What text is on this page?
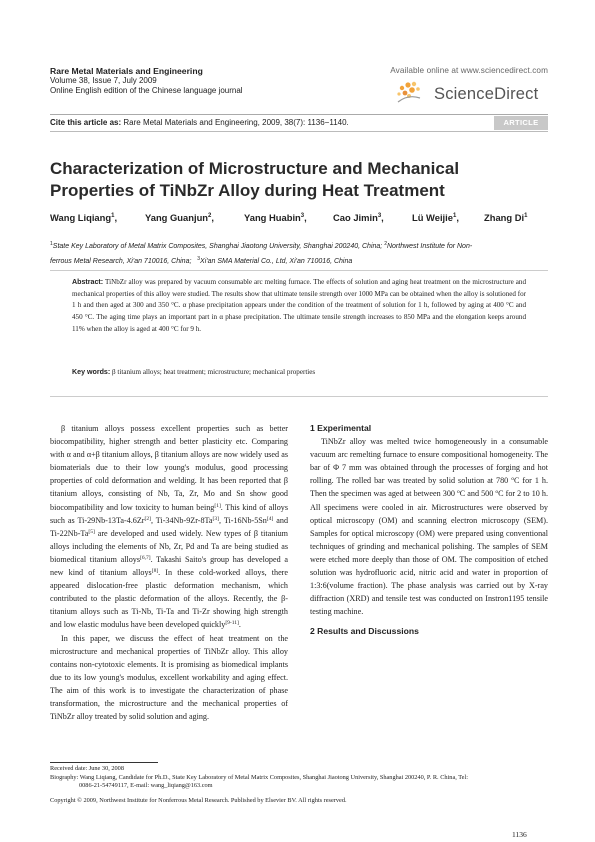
Rare Metal Materials and Engineering
Volume 38, Issue 7, July 2009
Online English edition of the Chinese language journal
Available online at www.sciencedirect.com
ScienceDirect
Cite this article as: Rare Metal Materials and Engineering, 2009, 38(7): 1136−1140.	ARTICLE
Characterization of Microstructure and Mechanical
Properties of TiNbZr Alloy during Heat Treatment
Wang Liqiang$^1$,	Yang Guanjun$^2$,	Yang Huabin$^3$,	Cao Jimin$^3$,	Lü Weijie$^1$,	Zhang Di$^1$
$^1$State Key Laboratory of Metal Matrix Composites, Shanghai Jiaotong University, Shanghai 200240, China; $^2$Northwest Institute for Non-
ferrous Metal Research, Xi'an 710016, China; $^3$Xi'an SMA Material Co., Ltd, Xi'an 710016, China
Abstract: TiNbZr alloy was prepared by vacuum consumable arc melting furnace. The effects of solution and aging heat treatment on the microstructure and mechanical properties of this alloy were studied. The results show that ultimate tensile strength over 1000 MPa can be obtained when the alloy is solutioned for 1 h and then aged at 300 and 350 °C. α phase precipitation appears under the condition of the treatment of solution for 1 h, followed by aging at 400 °C and 450 °C. The aging time plays an important part in α phase precipitation. The ultimate tensile strength increases to 850 MPa and the elongation keeps around 11% when the alloy is aged at 400 °C for 9 h.
Key words: β titanium alloys; heat treatment; microstructure; mechanical properties

β titanium alloys possess excellent properties such as better biocompatibility, higher strength and better plasticity etc. Comparing with α and α+β titanium alloys, β titanium alloys are now widely used as biomaterials due to their low young's modulus, good processing properties of cold deformation and welding. It has been reported that β titanium alloys, consisting of Nb, Ta, Zr, Mo and Sn show good biocompatibility and low toxicity to human being[1]. This kind of alloys such as Ti-29Nb-13Ta-4.6Zr[2], Ti-34Nb-9Zr-8Ta[3], Ti-16Nb-5Sn[4] and Ti-22Nb-Ta[5] are developed and used widely. New types of β titanium alloys including the elements of Nb, Zr, Pd and Ta are being studied as biomedical titanium alloys[6,7]. Takashi Saito's group has developed a new kind of titanium alloys[8]. In these cold-worked alloys, there appeared dislocation-free plastic deformation mechanism, which contributed to the plastic deformation of the alloys. Recently, the β-titanium alloys such as Ti-Nb, Ti-Ta and Ti-Zr showing high strength and low elastic modulus have been developed quickly[9-11].

In this paper, we discuss the effect of heat treatment on the microstructure and mechanical properties of TiNbZr alloy. This alloy contains non-cytotoxic elements. It is promising as biomedical implants due to its low young's modulus, excellent workability and aging effect. The aim of this work is to investigate the characterization of phase transformation, the microstructure and the mechanical properties of TiNbZr alloy treated by solid solution and aging.

1 Experimental

TiNbZr alloy was melted twice homogeneously in a consumable vacuum arc remelting furnace to ensure compositional homogeneity. The bar of Φ 7 mm was obtained through the processes of forging and hot rolling. The rolled bar was treated by solid solution at 780 $^o$C for 1 h. Then the specimen was aged at between 300 $^o$C and 500 $^o$C for 2 to 10 h. All specimens were cooled in air. Microstructures were observed by optical microscopy (OM) and scanning electron microscopy (SEM). Samples for optical microscopy (OM) were prepared using conventional techniques of grinding and mechanical polishing. The samples of SEM were etched more deeply than those of OM. The composition of etched solution was hydrofluoric acid, nitric acid and water in proportion of 1:3:6(volume fraction). The phase analysis was carried out by X-ray diffraction (XRD) and tensile test was conducted on Instron1195 tensile testing machine.

2 Results and Discussions

Received date: June 30, 2008
Biography: Wang Liqiang, Candidate for Ph.D., State Key Laboratory of Metal Matrix Composites, Shanghai Jiaotong University, Shanghai 200240, P. R. China, Tel:
0086-21-54749117, E-mail: wang_liqiang@163.com
Copyright © 2009, Northwest Institute for Nonferrous Metal Research. Published by Elsevier BV. All rights reserved.
1136
